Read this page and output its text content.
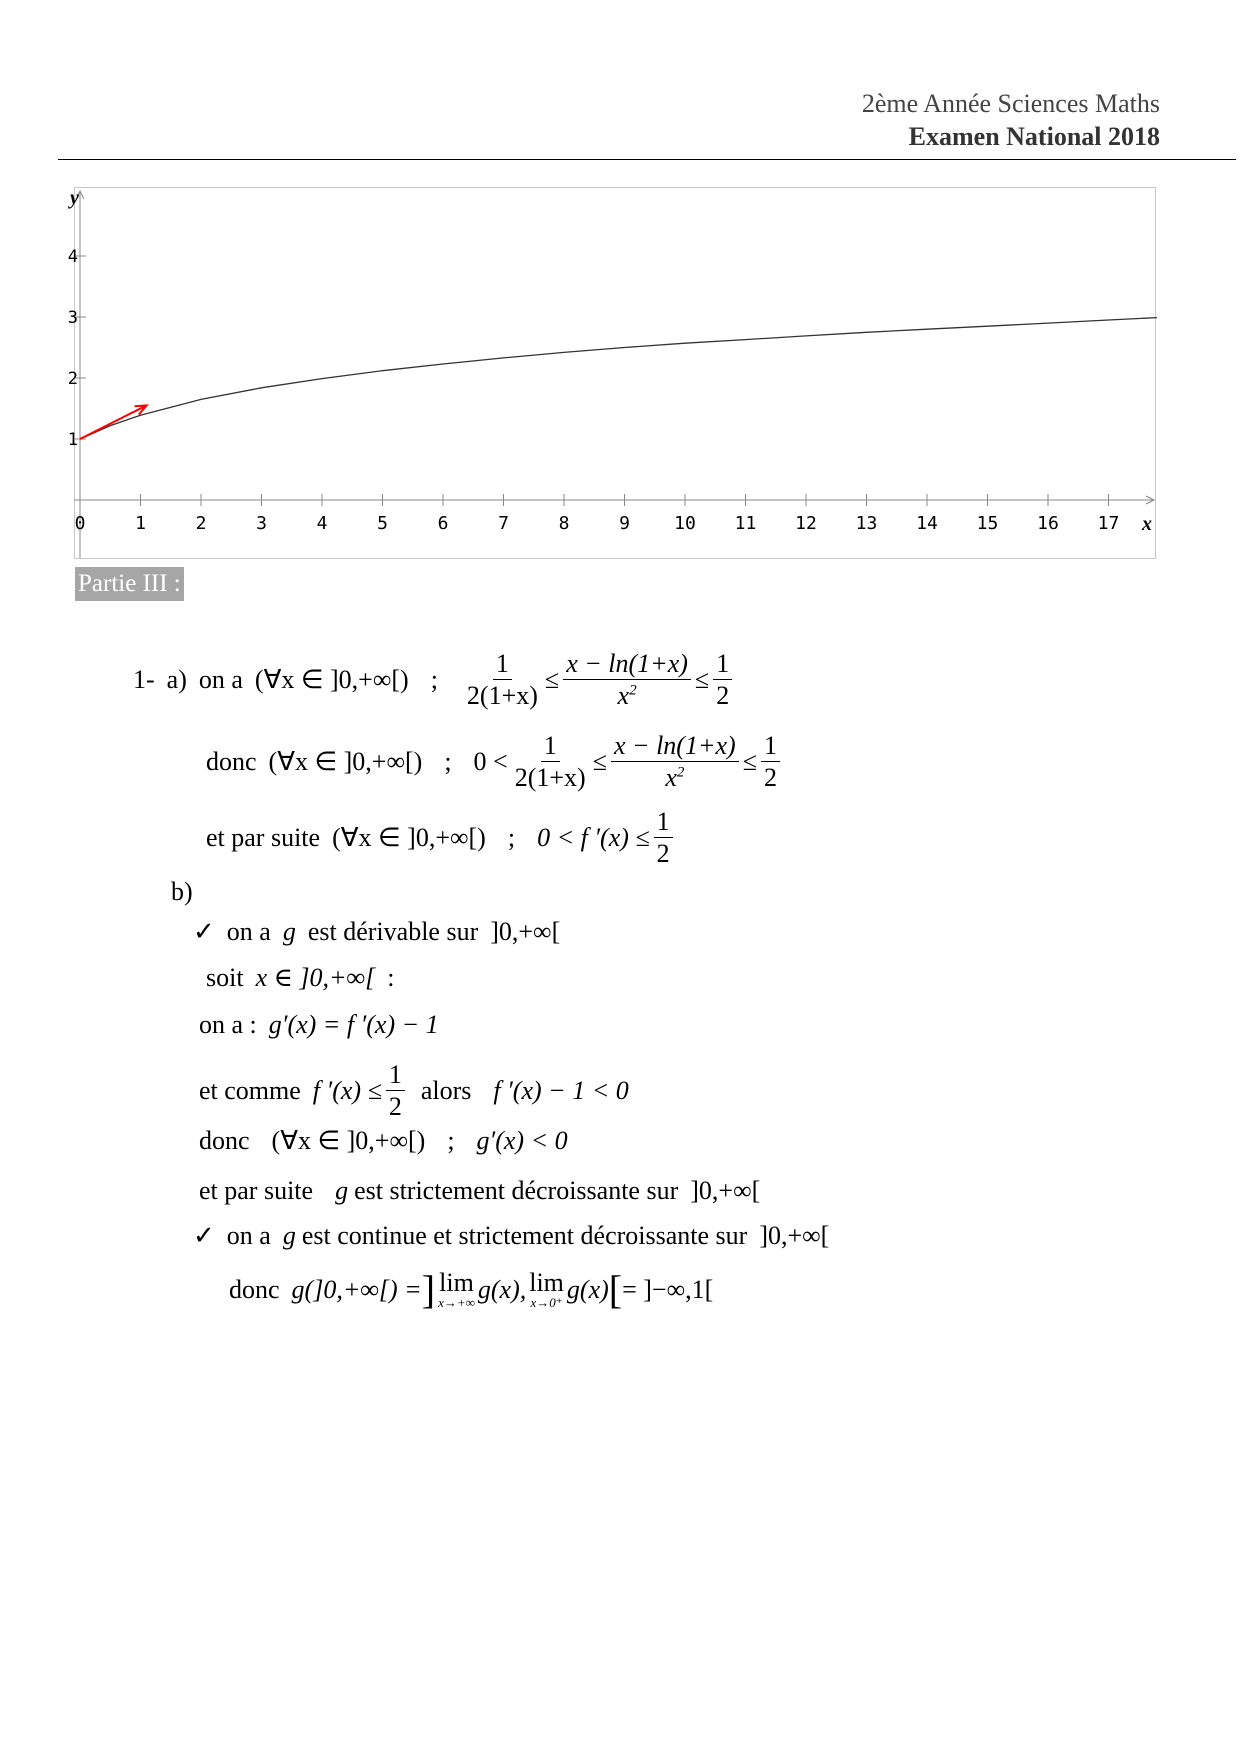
2ème Année Sciences Maths
Examen National 2018
0	1	2	3	4	5	6	7	8	9 10 11 12 13 14 15 16 17
1
2
3
4
x
y
Partie III :
1- a) on a (∀x ∈ ]0,+∞[) ; $\frac{1}{2(1+x)} \le \frac{x - \ln(1+x)}{x^2} \le \frac{1}{2}$
donc (∀x ∈ ]0,+∞[) ; $0 < \frac{1}{2(1+x)} \le \frac{x - \ln(1+x)}{x^2} \le \frac{1}{2}$
et par suite (∀x ∈ ]0,+∞[) ; 0 < f $'(x) \le \frac{1}{2}$
b)
✓ on a g est dérivable sur ]0,+∞[
soit x ∈ ]0,+∞[ :
on a : g′(x) = f ′(x) − 1
et comme f $'(x) \le \frac{1}{2}$ alors f ′(x) − 1 < 0
donc (∀x ∈ ]0,+∞[) ; g′(x) < 0
et par suite g est strictement décroissante sur ]0,+∞[
✓ on a g est continue et strictement décroissante sur ]0,+∞[
donc g(]0,+∞[) = ] lim
x→+∞ g(x), lim
x→0⁺ g(x) [ = ]−∞,1[
